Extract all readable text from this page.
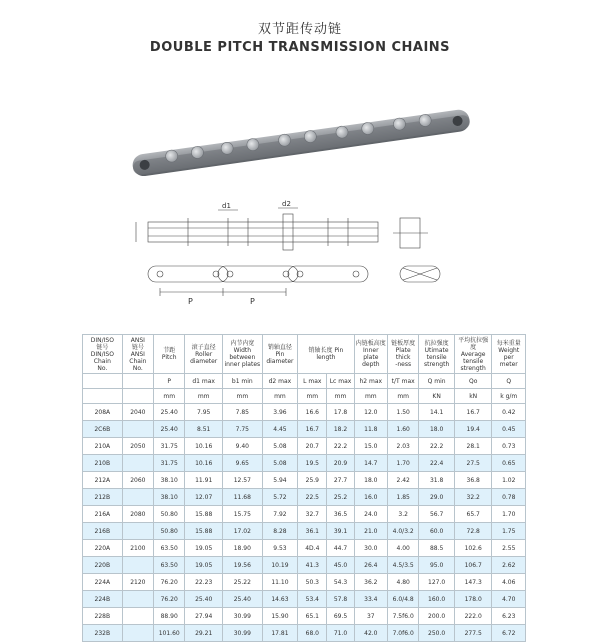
双节距传动链
DOUBLE PITCH TRANSMISSION CHAINS
d1	d2
P	P
DIN/ISO
链号
DIN/ISO
Chain
No.	ANSI
链号
ANSI
Chain
No.	节距
Pitch	滚子直径
Roller
diameter	内节内宽
Width
between
inner plates	销轴直径
Pin
diameter	销轴长度 Pin
length		内链板高度
Inner
plate
depth	链板厚度
Plate
thick
-ness	抗拉强度
Utimate
tensile
strength	平均抗拉强度
Average
tensile
strength	每米重量
Weight
per
meter
		P	d1 max	b1 min	d2 max	L max	Lc max	h2 max	t/T max	Q min	Qo	Q
		mm	mm	mm	mm	mm	mm	mm	mm	KN	kN	k g/m
208A	2040	25.40	7.95	7.85	3.96	16.6	17.8	12.0	1.50	14.1	16.7	0.42
2C6B		25.40	8.51	7.75	4.45	16.7	18.2	11.8	1.60	18.0	19.4	0.45
210A	2050	31.75	10.16	9.40	5.08	20.7	22.2	15.0	2.03	22.2	28.1	0.73
210B		31.75	10.16	9.65	5.08	19.5	20.9	14.7	1.70	22.4	27.5	0.65
212A	2060	38.10	11.91	12.57	5.94	25.9	27.7	18.0	2.42	31.8	36.8	1.02
212B		38.10	12.07	11.68	5.72	22.5	25.2	16.0	1.85	29.0	32.2	0.78
216A	2080	50.80	15.88	15.75	7.92	32.7	36.5	24.0	3.2	56.7	65.7	1.70
216B		50.80	15.88	17.02	8.28	36.1	39.1	21.0	4.0/3.2	60.0	72.8	1.75
220A	2100	63.50	19.05	18.90	9.53	4D.4	44.7	30.0	4.00	88.5	102.6	2.55
220B		63.50	19.05	19.56	10.19	41.3	45.0	26.4	4.5/3.5	95.0	106.7	2.62
224A	2120	76.20	22.23	25.22	11.10	50.3	54.3	36.2	4.80	127.0	147.3	4.06
224B		76.20	25.40	25.40	14.63	53.4	57.8	33.4	6.0/4.8	160.0	178.0	4.70
228B		88.90	27.94	30.99	15.90	65.1	69.5	37	7.5f6.0	200.0	222.0	6.23
232B		101.60	29.21	30.99	17.81	68.0	71.0	42.0	7.0f6.0	250.0	277.5	6.72
